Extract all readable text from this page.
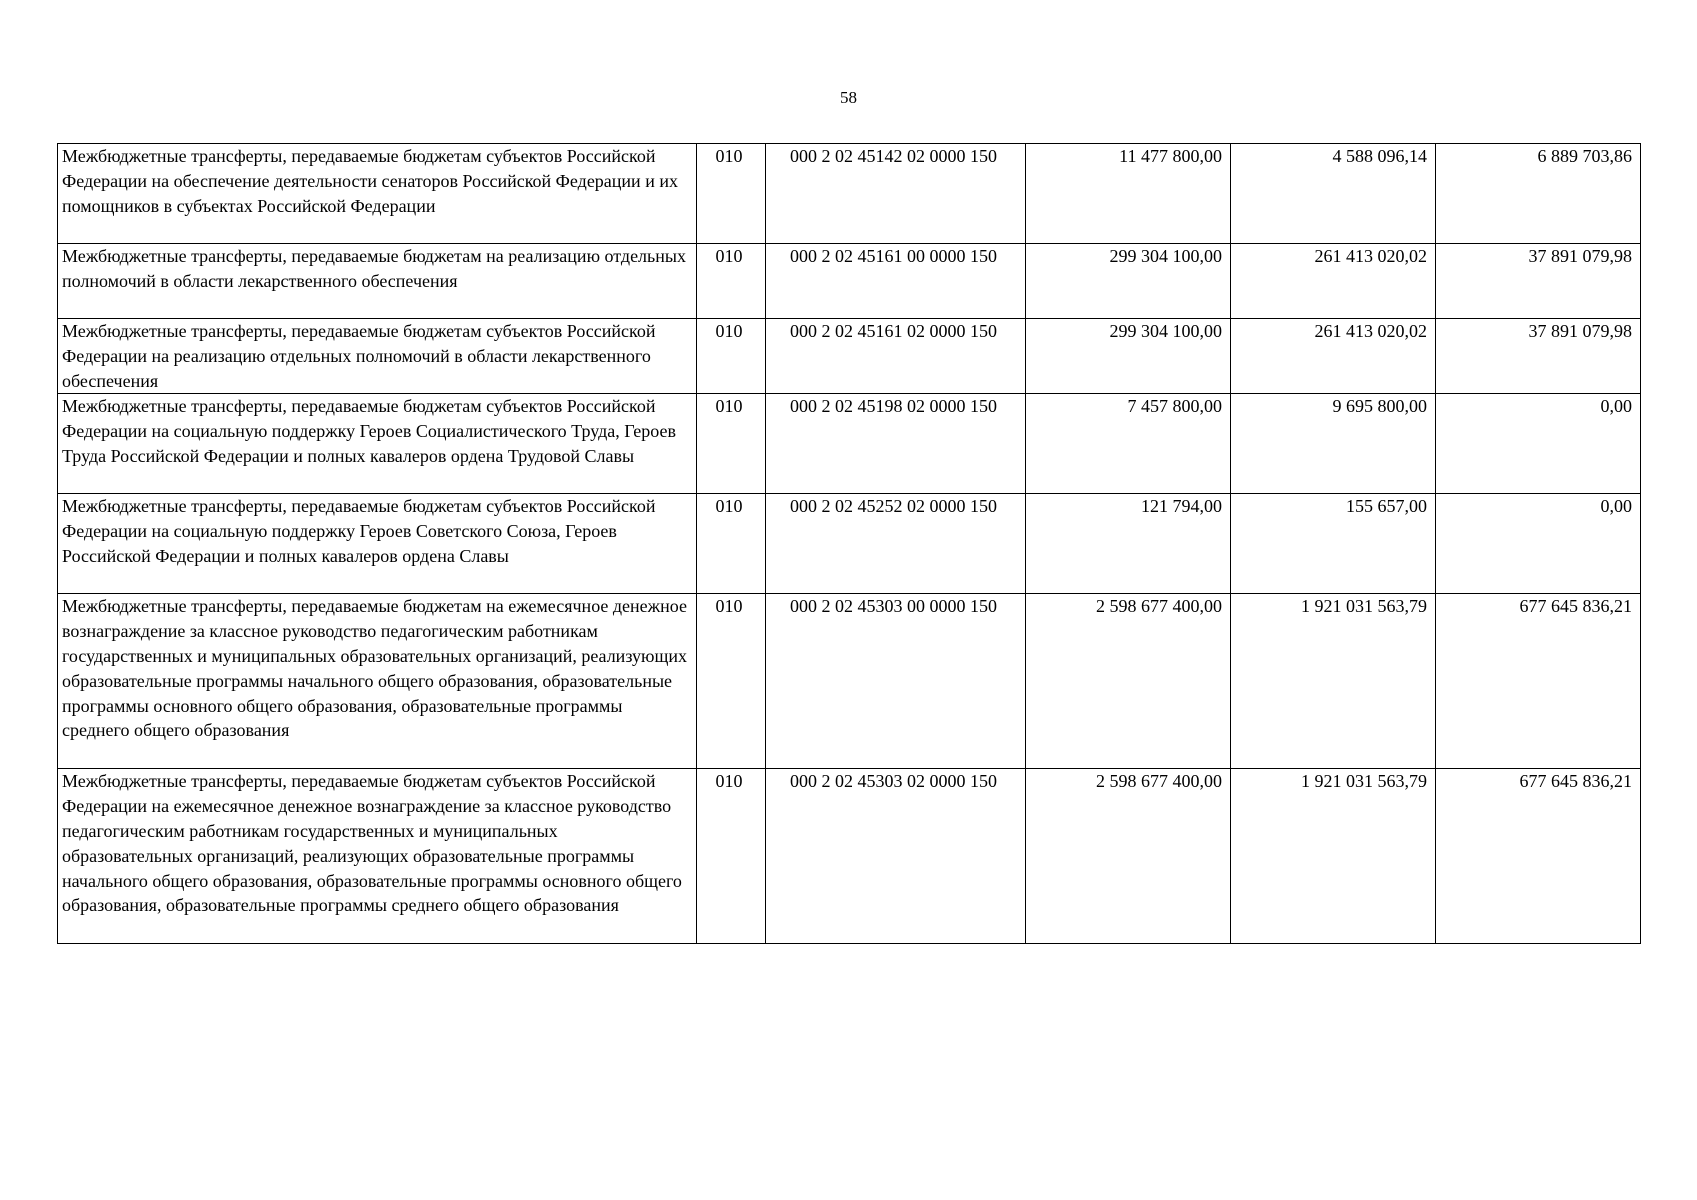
58
Межбюджетные трансферты, передаваемые бюджетам субъектов Российской Федерации на обеспечение деятельности сенаторов Российской Федерации и их помощников в субъектах Российской Федерации	010	000 2 02 45142 02 0000 150	11 477 800,00	4 588 096,14	6 889 703,86
Межбюджетные трансферты, передаваемые бюджетам на реализацию отдельных полномочий в области лекарственного обеспечения	010	000 2 02 45161 00 0000 150	299 304 100,00	261 413 020,02	37 891 079,98
Межбюджетные трансферты, передаваемые бюджетам субъектов Российской Федерации на реализацию отдельных полномочий в области лекарственного обеспечения	010	000 2 02 45161 02 0000 150	299 304 100,00	261 413 020,02	37 891 079,98
Межбюджетные трансферты, передаваемые бюджетам субъектов Российской Федерации на социальную поддержку Героев Социалистического Труда, Героев Труда Российской Федерации и полных кавалеров ордена Трудовой Славы	010	000 2 02 45198 02 0000 150	7 457 800,00	9 695 800,00	0,00
Межбюджетные трансферты, передаваемые бюджетам субъектов Российской Федерации на социальную поддержку Героев Советского Союза, Героев Российской Федерации и полных кавалеров ордена Славы	010	000 2 02 45252 02 0000 150	121 794,00	155 657,00	0,00
Межбюджетные трансферты, передаваемые бюджетам на ежемесячное денежное вознаграждение за классное руководство педагогическим работникам государственных и муниципальных образовательных организаций, реализующих образовательные программы начального общего образования, образовательные программы основного общего образования, образовательные программы среднего общего образования	010	000 2 02 45303 00 0000 150	2 598 677 400,00	1 921 031 563,79	677 645 836,21
Межбюджетные трансферты, передаваемые бюджетам субъектов Российской Федерации на ежемесячное денежное вознаграждение за классное руководство педагогическим работникам государственных и муниципальных образовательных организаций, реализующих образовательные программы начального общего образования, образовательные программы основного общего образования, образовательные программы среднего общего образования	010	000 2 02 45303 02 0000 150	2 598 677 400,00	1 921 031 563,79	677 645 836,21
